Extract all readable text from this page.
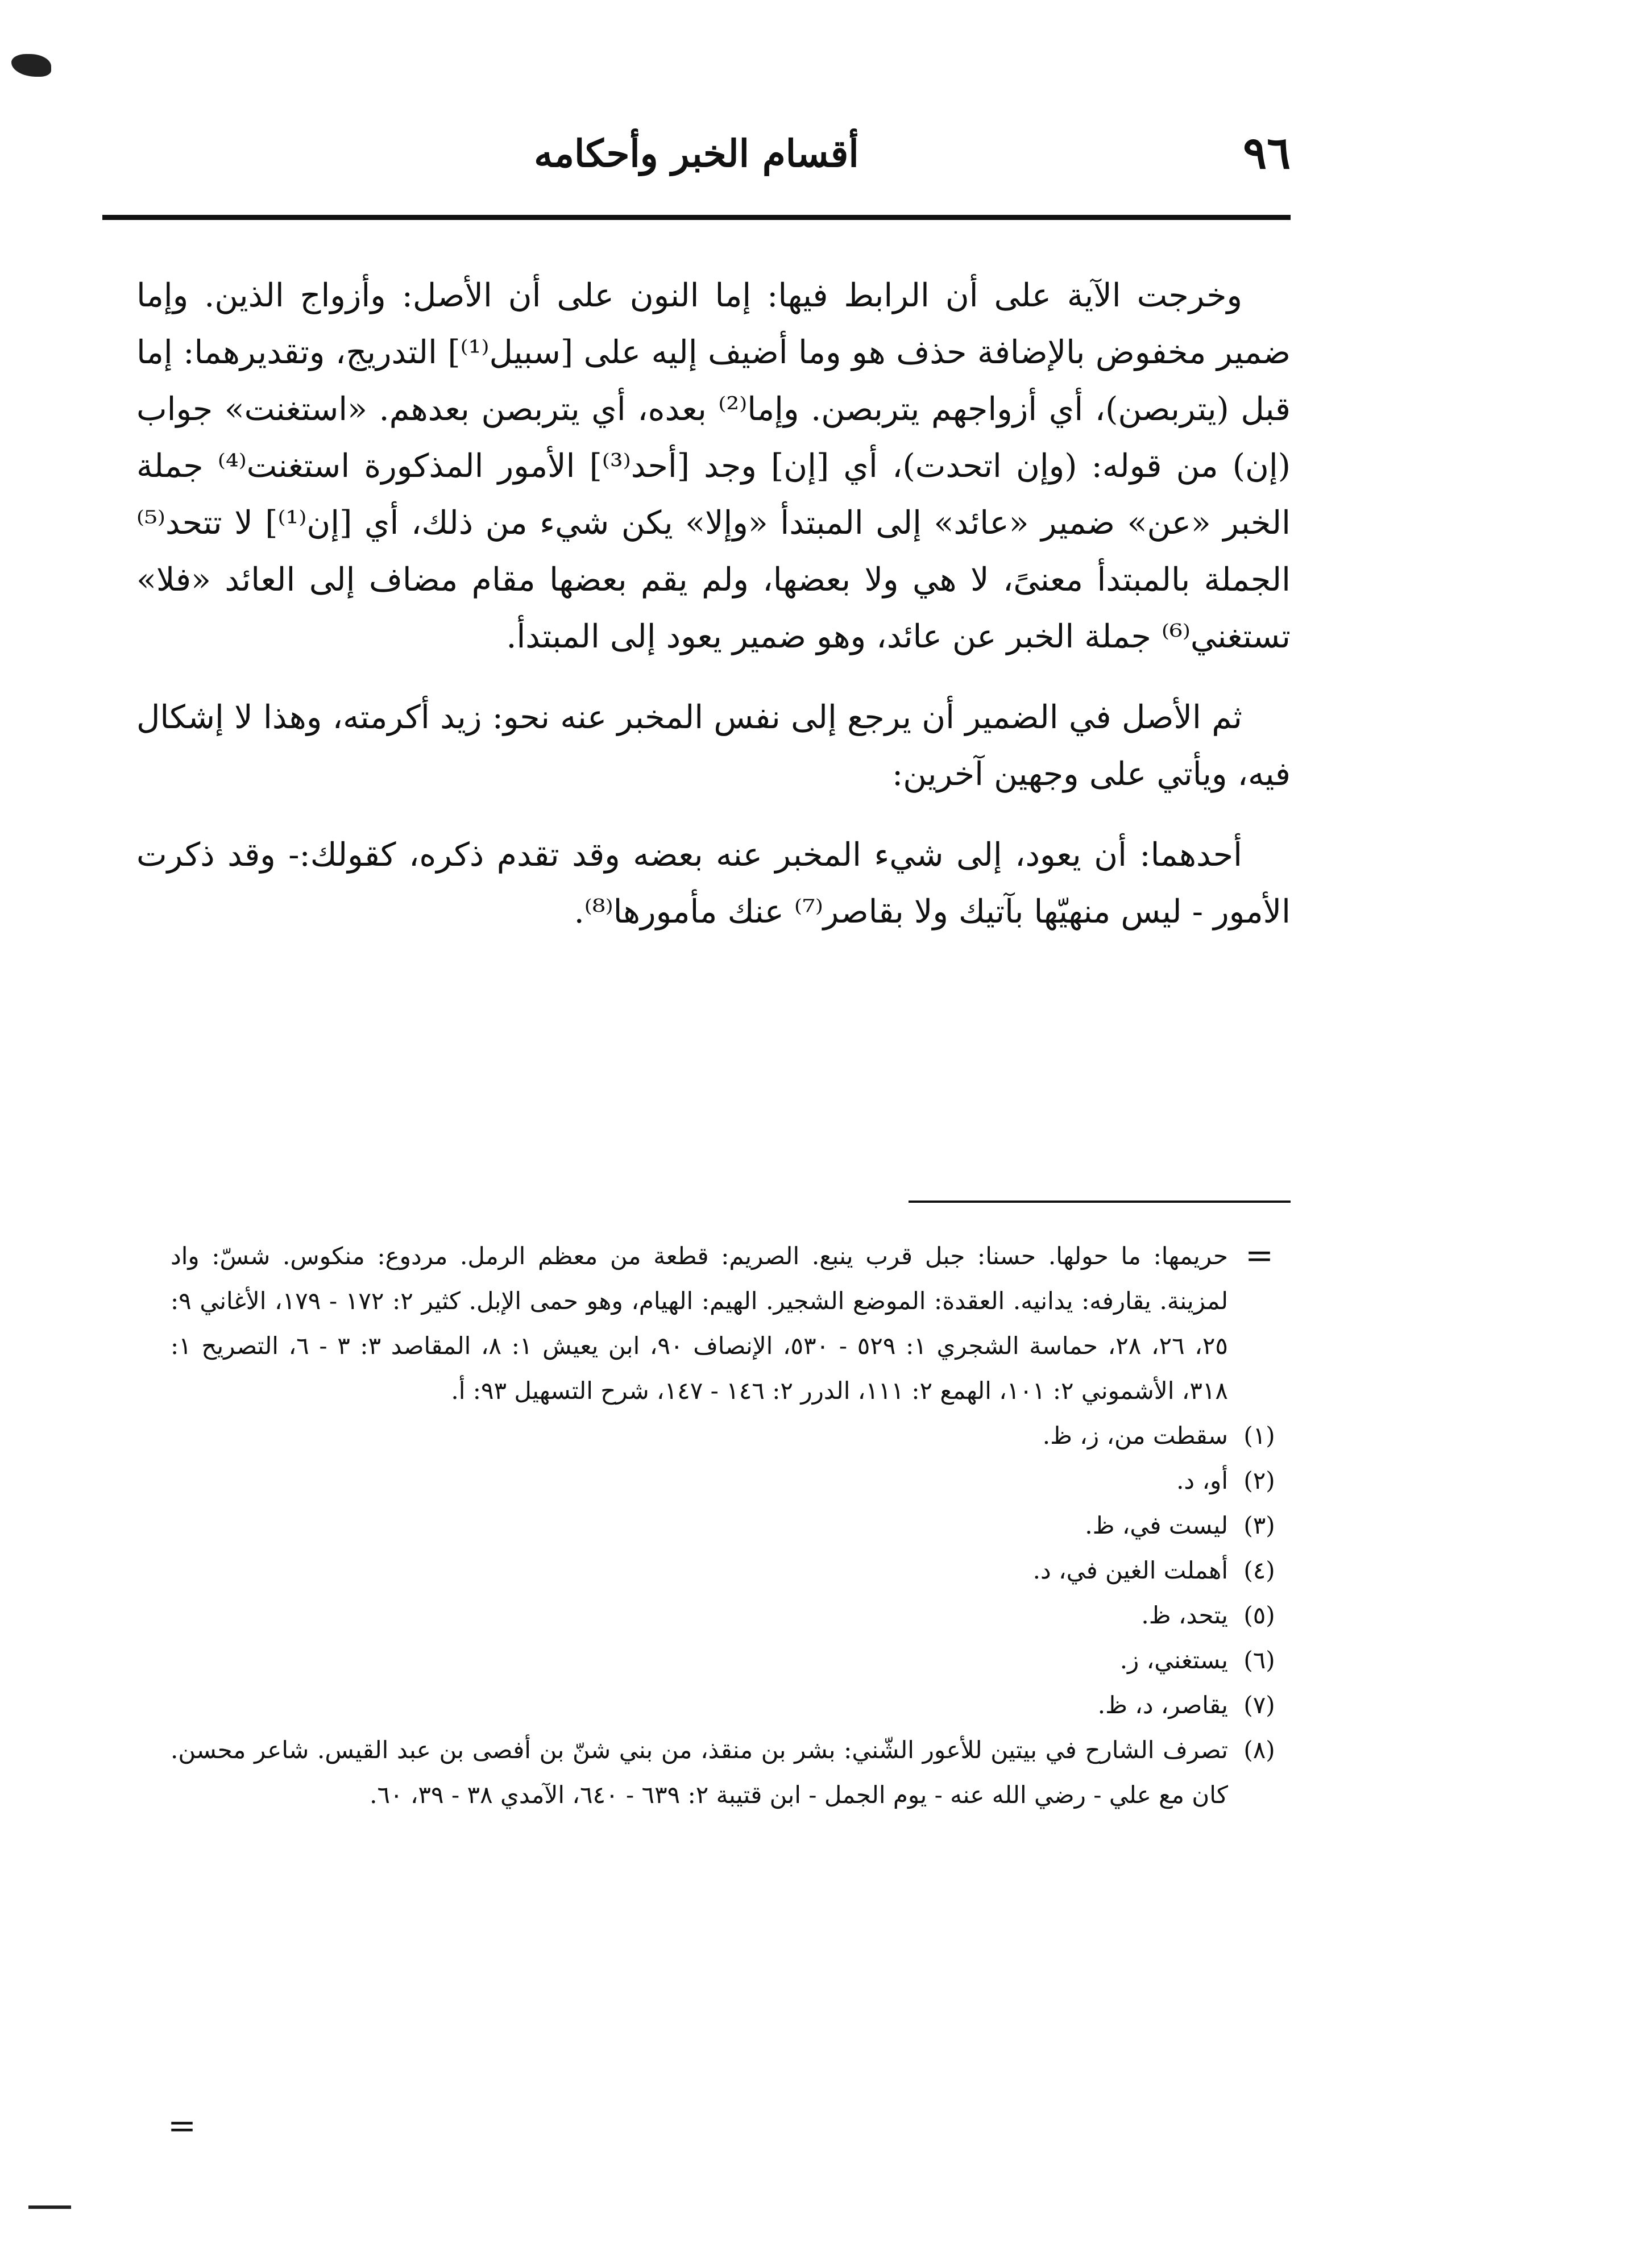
٩٦
أقسام الخبر وأحكامه

وخرجت الآية على أن الرابط فيها: إما النون على أن الأصل: وأزواج الذين. وإما ضمير مخفوض بالإضافة حذف هو وما أضيف إليه على [سبيل⁽¹⁾] التدريج، وتقديرهما: إما قبل (يتربصن)، أي أزواجهم يتربصن. وإما⁽²⁾ بعده، أي يتربصن بعدهم. «استغنت» جواب (إن) من قوله: (وإن اتحدت)، أي [إن] وجد [أحد⁽³⁾] الأمور المذكورة استغنت⁽⁴⁾ جملة الخبر «عن» ضمير «عائد» إلى المبتدأ «وإلا» يكن شيء من ذلك، أي [إن⁽¹⁾] لا تتحد⁽⁵⁾ الجملة بالمبتدأ معنىً، لا هي ولا بعضها، ولم يقم بعضها مقام مضاف إلى العائد «فلا» تستغني⁽⁶⁾ جملة الخبر عن عائد، وهو ضمير يعود إلى المبتدأ.

ثم الأصل في الضمير أن يرجع إلى نفس المخبر عنه نحو: زيد أكرمته، وهذا لا إشكال فيه، ويأتي على وجهين آخرين:

أحدهما: أن يعود، إلى شيء المخبر عنه بعضه وقد تقدم ذكره، كقولك:- وقد ذكرت الأمور - ليس منهيّها بآتيك ولا بقاصر⁽⁷⁾ عنك مأمورها⁽⁸⁾.

=
حريمها: ما حولها. حسنا: جبل قرب ينبع. الصريم: قطعة من معظم الرمل. مردوع: منكوس. شسّ: واد لمزينة. يقارفه: يدانيه. العقدة: الموضع الشجير. الهيم: الهيام، وهو حمى الإبل. كثير ٢: ١٧٢ - ١٧٩، الأغاني ٩: ٢٥، ٢٦، ٢٨، حماسة الشجري ١: ٥٢٩ - ٥٣٠، الإنصاف ٩٠، ابن يعيش ١: ٨، المقاصد ٣: ٣ - ٦، التصريح ١: ٣١٨، الأشموني ٢: ١٠١، الهمع ٢: ١١١، الدرر ٢: ١٤٦ - ١٤٧، شرح التسهيل ٩٣: أ.
(١)
سقطت من، ز، ظ.
(٢)
أو، د.
(٣)
ليست في، ظ.
(٤)
أهملت الغين في، د.
(٥)
يتحد، ظ.
(٦)
يستغني، ز.
(٧)
يقاصر، د، ظ.
(٨)
تصرف الشارح في بيتين للأعور الشّني: بشر بن منقذ، من بني شنّ بن أفصى بن عبد القيس. شاعر محسن. كان مع علي - رضي الله عنه - يوم الجمل - ابن قتيبة ٢: ٦٣٩ - ٦٤٠، الآمدي ٣٨ - ٣٩، ٦٠.
=
